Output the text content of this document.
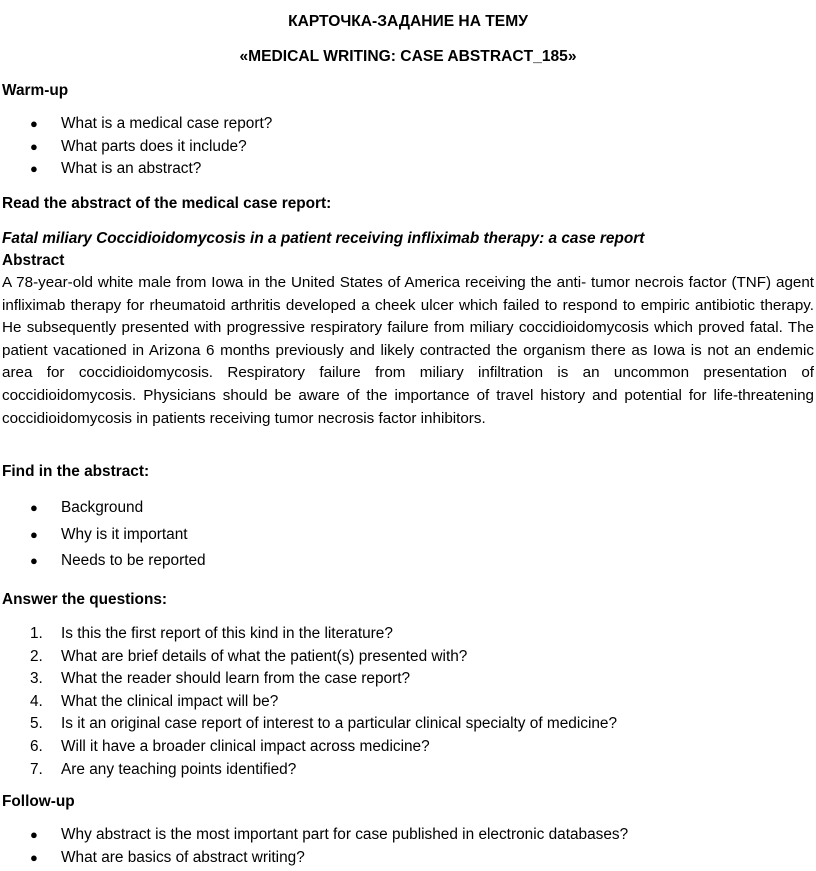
КАРТОЧКА-ЗАДАНИЕ НА ТЕМУ
«MEDICAL WRITING: CASE ABSTRACT_185»
Warm-up
● What is a medical case report?
● What parts does it include?
● What is an abstract?
Read the abstract of the medical case report:
Fatal miliary Coccidioidomycosis in a patient receiving infliximab therapy: a case report
Abstract
A 78-year-old white male from Iowa in the United States of America receiving the anti- tumor necrois factor (TNF) agent infliximab therapy for rheumatoid arthritis developed a cheek ulcer which failed to respond to empiric antibiotic therapy. He subsequently presented with progressive respiratory failure from miliary coccidioidomycosis which proved fatal. The patient vacationed in Arizona 6 months previously and likely contracted the organism there as Iowa is not an endemic area for coccidioidomycosis. Respiratory failure from miliary infiltration is an uncommon presentation of coccidioidomycosis. Physicians should be aware of the importance of travel history and potential for life-threatening coccidioidomycosis in patients receiving tumor necrosis factor inhibitors.
Find in the abstract:
● Background
● Why is it important
● Needs to be reported
Answer the questions:
1. Is this the first report of this kind in the literature?
2. What are brief details of what the patient(s) presented with?
3. What the reader should learn from the case report?
4. What the clinical impact will be?
5. Is it an original case report of interest to a particular clinical specialty of medicine?
6. Will it have a broader clinical impact across medicine?
7. Are any teaching points identified?
Follow-up
● Why abstract is the most important part for case published in electronic databases?
● What are basics of abstract writing?
